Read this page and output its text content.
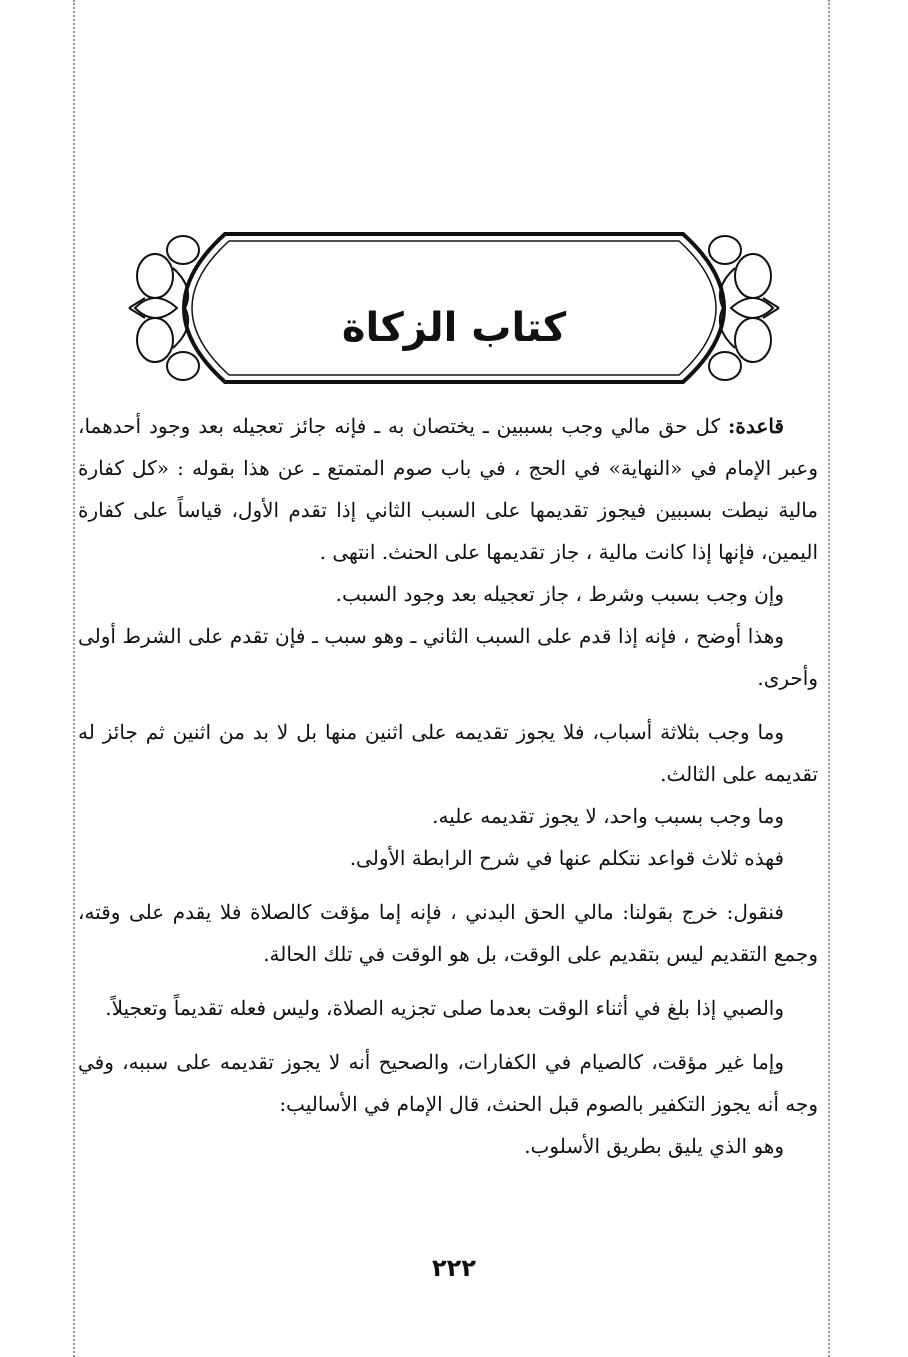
كتاب الزكاة

قاعدة: كل حق مالي وجب بسببين ـ يختصان به ـ فإنه جائز تعجيله بعد وجود أحدهما، وعبر الإمام في «النهاية» في الحج ، في باب صوم المتمتع ـ عن هذا بقوله : «كل كفارة مالية نيطت بسببين فيجوز تقديمها على السبب الثاني إذا تقدم الأول، قياساً على كفارة اليمين، فإنها إذا كانت مالية ، جاز تقديمها على الحنث. انتهى .

وإن وجب بسبب وشرط ، جاز تعجيله بعد وجود السبب.

وهذا أوضح ، فإنه إذا قدم على السبب الثاني ـ وهو سبب ـ فإن تقدم على الشرط أولى وأحرى.

وما وجب بثلاثة أسباب، فلا يجوز تقديمه على اثنين منها بل لا بد من اثنين ثم جائز له تقديمه على الثالث.

وما وجب بسبب واحد، لا يجوز تقديمه عليه.

فهذه ثلاث قواعد نتكلم عنها في شرح الرابطة الأولى.

فنقول: خرج بقولنا: مالي الحق البدني ، فإنه إما مؤقت كالصلاة فلا يقدم على وقته، وجمع التقديم ليس بتقديم على الوقت، بل هو الوقت في تلك الحالة.

والصبي إذا بلغ في أثناء الوقت بعدما صلى تجزيه الصلاة، وليس فعله تقديماً وتعجيلاً.

وإما غير مؤقت، كالصيام في الكفارات، والصحيح أنه لا يجوز تقديمه على سببه، وفي وجه أنه يجوز التكفير بالصوم قبل الحنث، قال الإمام في الأساليب:

وهو الذي يليق بطريق الأسلوب.

٢٢٢
